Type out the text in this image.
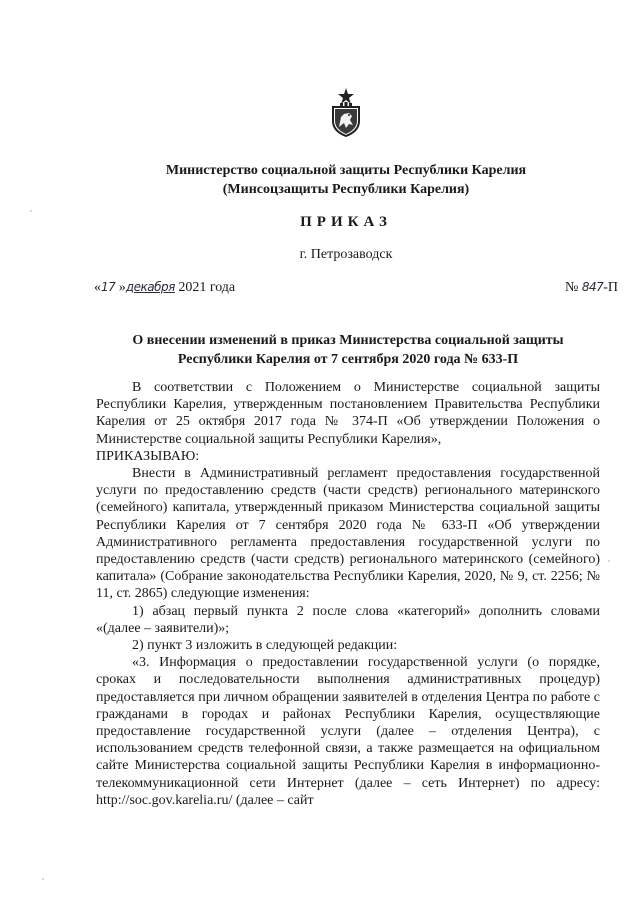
Министерство социальной защиты Республики Карелия
(Минсоцзащиты Республики Карелия)
ПРИКАЗ
г. Петрозаводск
«17 »декабря 2021 года	№ 847-П
О внесении изменений в приказ Министерства социальной защиты
Республики Карелия от 7 сентября 2020 года № 633-П

В соответствии с Положением о Министерстве социальной защиты Республики Карелия, утвержденным постановлением Правительства Республики Карелия от 25 октября 2017 года № 374-П «Об утверждении Положения о Министерстве социальной защиты Республики Карелия»,

ПРИКАЗЫВАЮ:

Внести в Административный регламент предоставления государственной услуги по предоставлению средств (части средств) регионального материнского (семейного) капитала, утвержденный приказом Министерства социальной защиты Республики Карелия от 7 сентября 2020 года № 633-П «Об утверждении Административного регламента предоставления государственной услуги по предоставлению средств (части средств) регионального материнского (семейного) капитала» (Собрание законодательства Республики Карелия, 2020, № 9, ст. 2256; № 11, ст. 2865) следующие изменения:

1) абзац первый пункта 2 после слова «категорий» дополнить словами «(далее – заявители)»;

2) пункт 3 изложить в следующей редакции:

«3. Информация о предоставлении государственной услуги (о порядке, сроках и последовательности выполнения административных процедур) предоставляется при личном обращении заявителей в отделения Центра по работе с гражданами в городах и районах Республики Карелия, осуществляющие предоставление государственной услуги (далее – отделения Центра), с использованием средств телефонной связи, а также размещается на официальном сайте Министерства социальной защиты Республики Карелия в информационно-телекоммуникационной сети Интернет (далее – сеть Интернет) по адресу: http://soc.gov.karelia.ru/ (далее – сайт
